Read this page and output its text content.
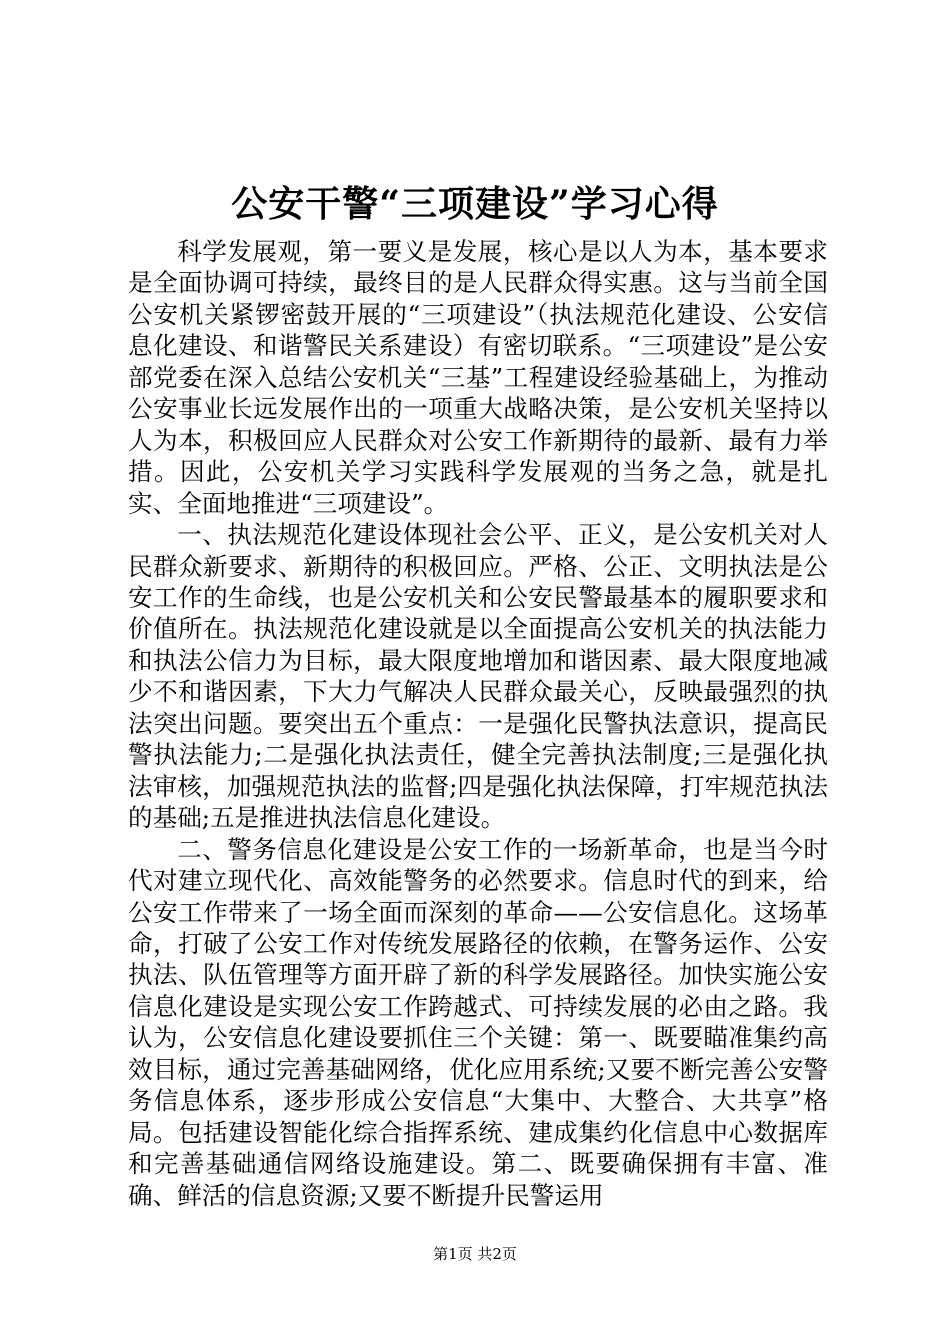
公安干警“三项建设”学习心得

科学发展观，第一要义是发展，核心是以人为本，基本要求是全面协调可持续，最终目的是人民群众得实惠。这与当前全国公安机关紧锣密鼓开展的“三项建设”（执法规范化建设、公安信息化建设、和谐警民关系建设）有密切联系。“三项建设”是公安部党委在深入总结公安机关“三基”工程建设经验基础上，为推动公安事业长远发展作出的一项重大战略决策，是公安机关坚持以人为本，积极回应人民群众对公安工作新期待的最新、最有力举措。因此，公安机关学习实践科学发展观的当务之急，就是扎实、全面地推进“三项建设”。

一、执法规范化建设体现社会公平、正义，是公安机关对人民群众新要求、新期待的积极回应。严格、公正、文明执法是公安工作的生命线，也是公安机关和公安民警最基本的履职要求和价值所在。执法规范化建设就是以全面提高公安机关的执法能力和执法公信力为目标，最大限度地增加和谐因素、最大限度地减少不和谐因素，下大力气解决人民群众最关心，反映最强烈的执法突出问题。要突出五个重点：一是强化民警执法意识，提高民警执法能力;二是强化执法责任，健全完善执法制度;三是强化执法审核，加强规范执法的监督;四是强化执法保障，打牢规范执法的基础;五是推进执法信息化建设。

二、警务信息化建设是公安工作的一场新革命，也是当今时代对建立现代化、高效能警务的必然要求。信息时代的到来，给公安工作带来了一场全面而深刻的革命——公安信息化。这场革命，打破了公安工作对传统发展路径的依赖，在警务运作、公安执法、队伍管理等方面开辟了新的科学发展路径。加快实施公安信息化建设是实现公安工作跨越式、可持续发展的必由之路。我认为，公安信息化建设要抓住三个关键：第一、既要瞄准集约高效目标，通过完善基础网络，优化应用系统;又要不断完善公安警务信息体系，逐步形成公安信息“大集中、大整合、大共享”格局。包括建设智能化综合指挥系统、建成集约化信息中心数据库和完善基础通信网络设施建设。第二、既要确保拥有丰富、准确、鲜活的信息资源;又要不断提升民警运用

第1页 共2页
